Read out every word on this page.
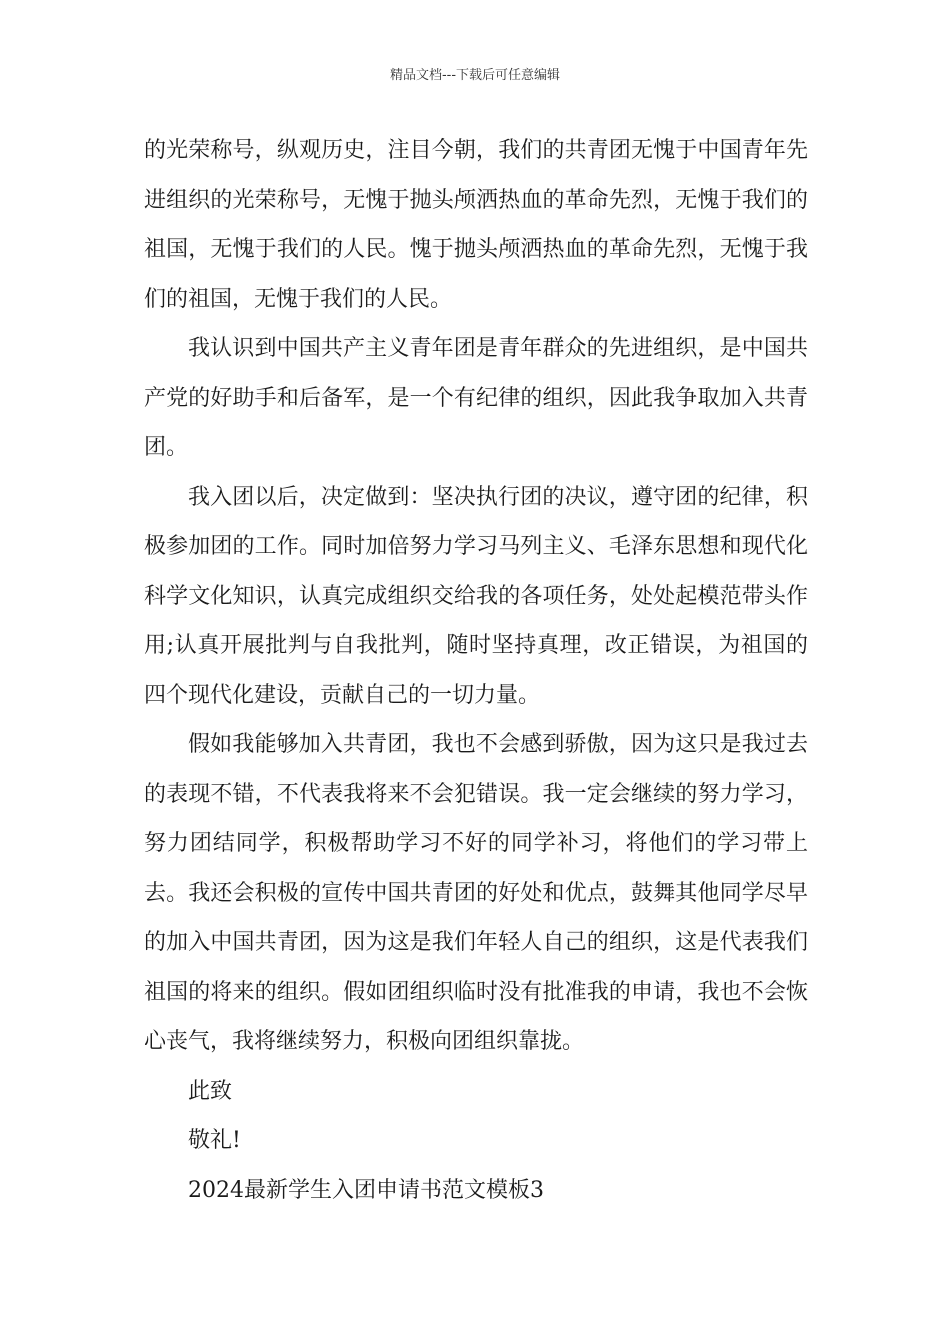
精品文档---下载后可任意编辑

的光荣称号，纵观历史，注目今朝，我们的共青团无愧于中国青年先进组织的光荣称号，无愧于抛头颅洒热血的革命先烈，无愧于我们的祖国，无愧于我们的人民。愧于抛头颅洒热血的革命先烈，无愧于我们的祖国，无愧于我们的人民。

我认识到中国共产主义青年团是青年群众的先进组织，是中国共产党的好助手和后备军，是一个有纪律的组织，因此我争取加入共青团。

我入团以后，决定做到：坚决执行团的决议，遵守团的纪律，积极参加团的工作。同时加倍努力学习马列主义、毛泽东思想和现代化科学文化知识，认真完成组织交给我的各项任务，处处起模范带头作用;认真开展批判与自我批判，随时坚持真理，改正错误，为祖国的四个现代化建设，贡献自己的一切力量。

假如我能够加入共青团，我也不会感到骄傲，因为这只是我过去的表现不错，不代表我将来不会犯错误。我一定会继续的努力学习，努力团结同学，积极帮助学习不好的同学补习，将他们的学习带上去。我还会积极的宣传中国共青团的好处和优点，鼓舞其他同学尽早的加入中国共青团，因为这是我们年轻人自己的组织，这是代表我们祖国的将来的组织。假如团组织临时没有批准我的申请，我也不会恢心丧气，我将继续努力，积极向团组织靠拢。

此致

敬礼!

2024最新学生入团申请书范文模板3
